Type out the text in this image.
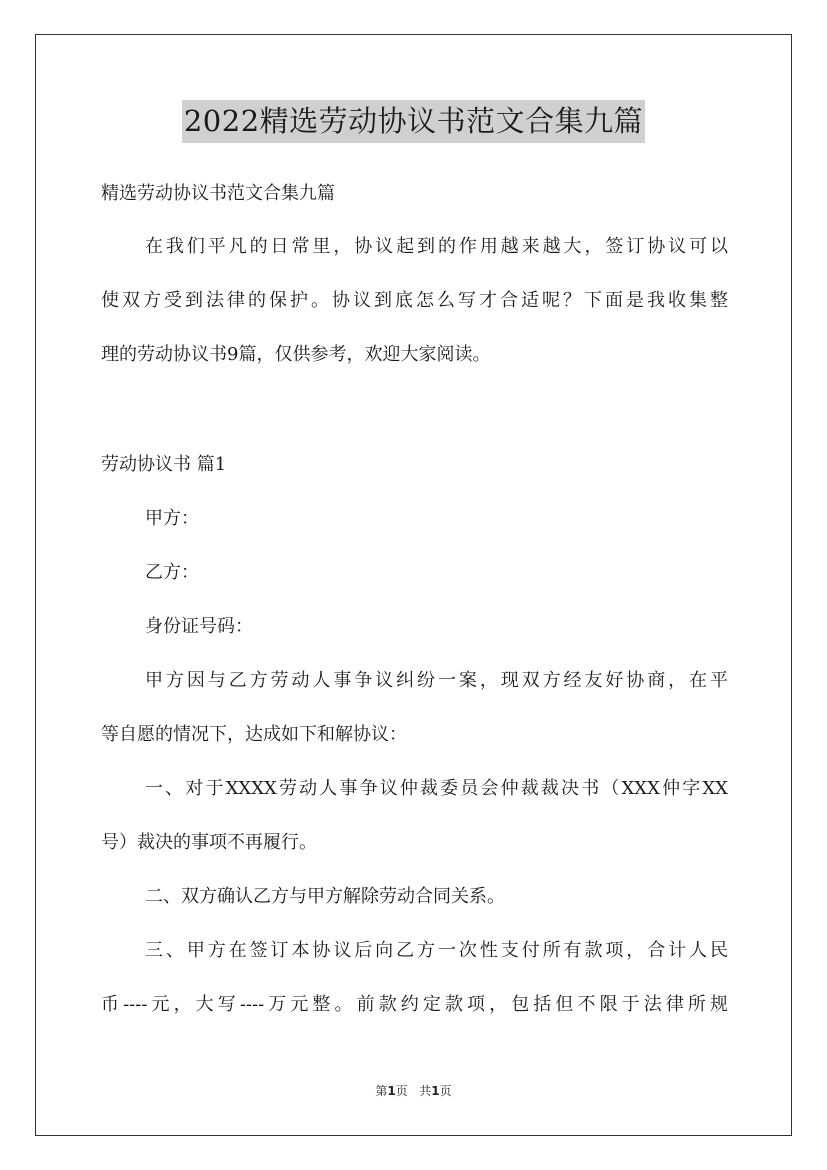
2022精选劳动协议书范文合集九篇
精选劳动协议书范文合集九篇
在我们平凡的日常里，协议起到的作用越来越大，签订协议可以
使双方受到法律的保护。协议到底怎么写才合适呢？下面是我收集整
理的劳动协议书9篇，仅供参考，欢迎大家阅读。
劳动协议书 篇1
甲方：
乙方：
身份证号码：
甲方因与乙方劳动人事争议纠纷一案，现双方经友好协商，在平
等自愿的情况下，达成如下和解协议：
一、对于XXXX劳动人事争议仲裁委员会仲裁裁决书（XXX仲字XX
号）裁决的事项不再履行。
二、双方确认乙方与甲方解除劳动合同关系。
三、甲方在签订本协议后向乙方一次性支付所有款项，合计人民
币----元，大写----万元整。前款约定款项，包括但不限于法律所规
第1页 共1页
